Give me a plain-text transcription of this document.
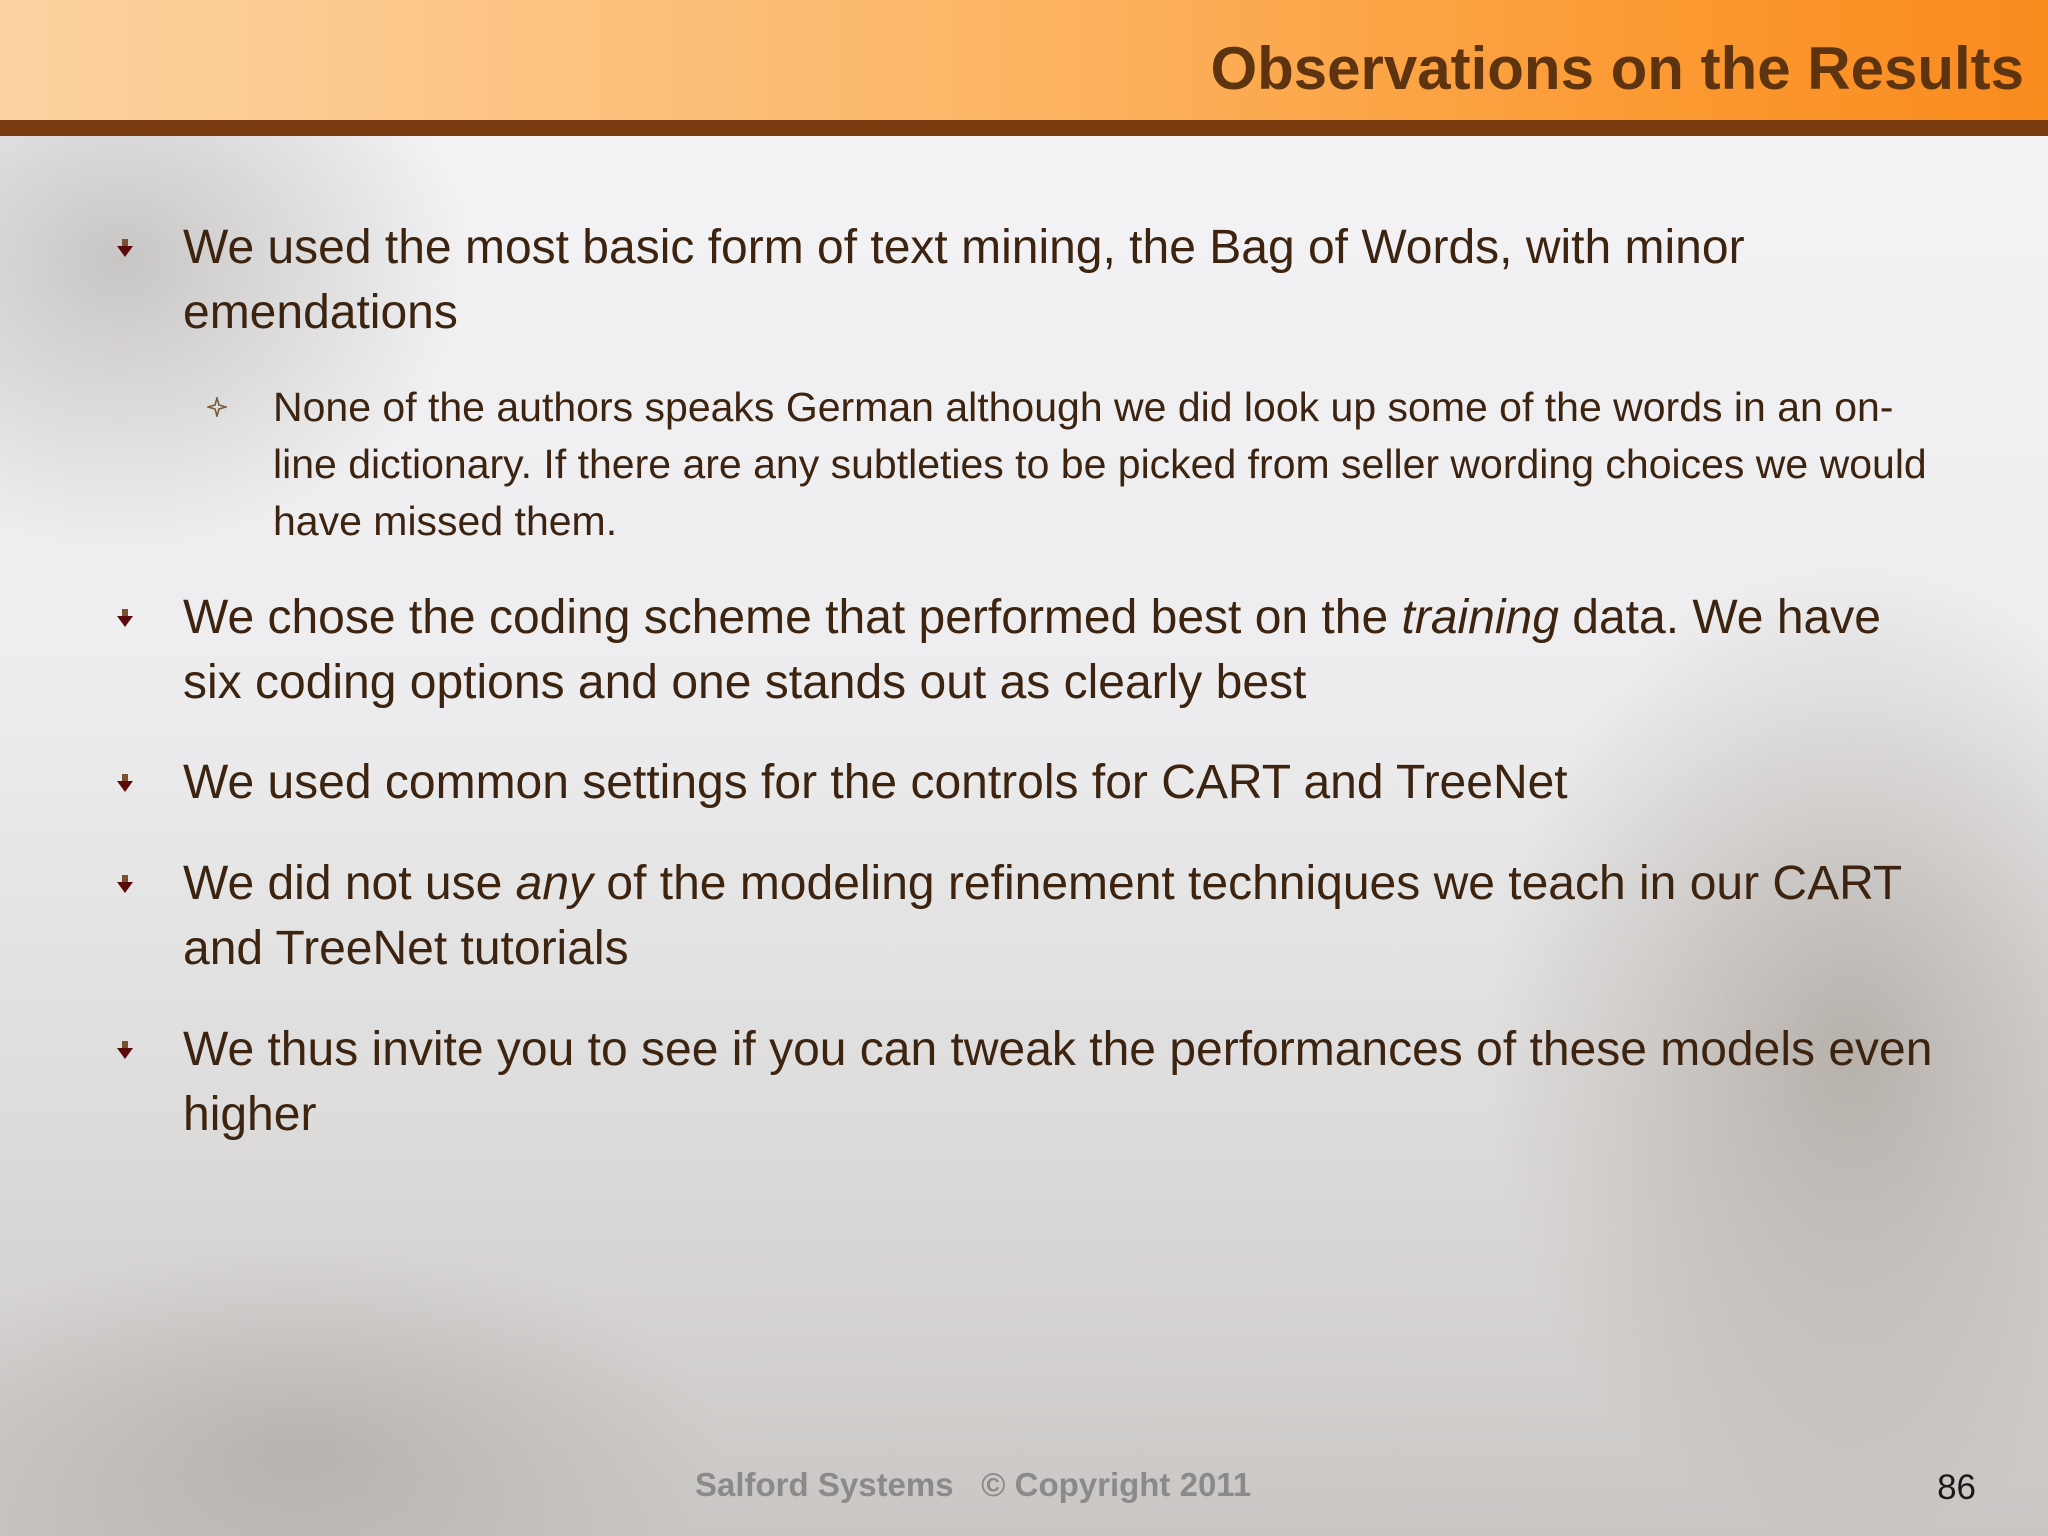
Observations on the Results
We used the most basic form of text mining, the Bag of Words, with minor emendations
None of the authors speaks German although we did look up some of the words in an on-line dictionary. If there are any subtleties to be picked from seller wording choices we would have missed them.
We chose the coding scheme that performed best on the training data. We have six coding options and one stands out as clearly best
We used common settings for the controls for CART and TreeNet
We did not use any of the modeling refinement techniques we teach in our CART and TreeNet tutorials
We thus invite you to see if you can tweak the performances of these models even higher
Salford Systems © Copyright 2011	86
